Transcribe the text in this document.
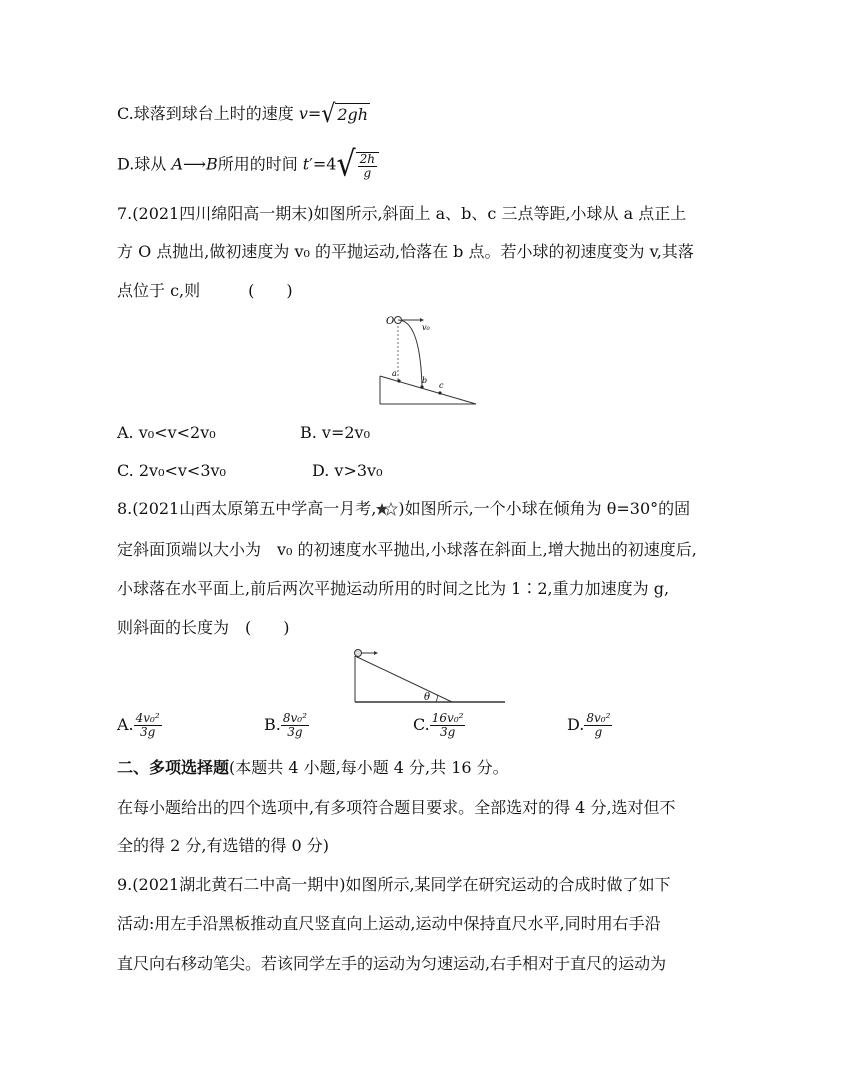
C.球落到球台上时的速度 v= √ 2gh
D.球从 A⟶B所用的时间 t′=4 √ $\frac{2h}{g}$
7.(2021四川绵阳高一期末)如图所示,斜面上 a、b、c 三点等距,小球从 a 点正上
方 O 点抛出,做初速度为 v₀ 的平抛运动,恰落在 b 点。若小球的初速度变为 v,其落
点位于 c,则　　　(　　)
O
v₀
a
b
c
A. v₀<v<2v₀	B. v=2v₀
C. 2v₀<v<3v₀	D. v>3v₀
8.(2021山西太原第五中学高一月考, )如图所示,一个小球在倾角为 θ=30°的固
定斜面顶端以大小为　v₀ 的初速度水平抛出,小球落在斜面上,增大抛出的初速度后,
小球落在水平面上,前后两次平抛运动所用的时间之比为 1∶2,重力加速度为 g,
则斜面的长度为　(　　)
θ
A. $\frac{\text{4v₀²}}{3g}$	B. $\frac{\text{8v₀²}}{3g}$	C. $\frac{\text{16v₀²}}{3g}$	D. $\frac{\text{8v₀²}}{g}$
二、多项选择题(本题共 4 小题,每小题 4 分,共 16 分。
在每小题给出的四个选项中,有多项符合题目要求。全部选对的得 4 分,选对但不
全的得 2 分,有选错的得 0 分)
9.(2021湖北黄石二中高一期中)如图所示,某同学在研究运动的合成时做了如下
活动:用左手沿黑板推动直尺竖直向上运动,运动中保持直尺水平,同时用右手沿
直尺向右移动笔尖。若该同学左手的运动为匀速运动,右手相对于直尺的运动为
